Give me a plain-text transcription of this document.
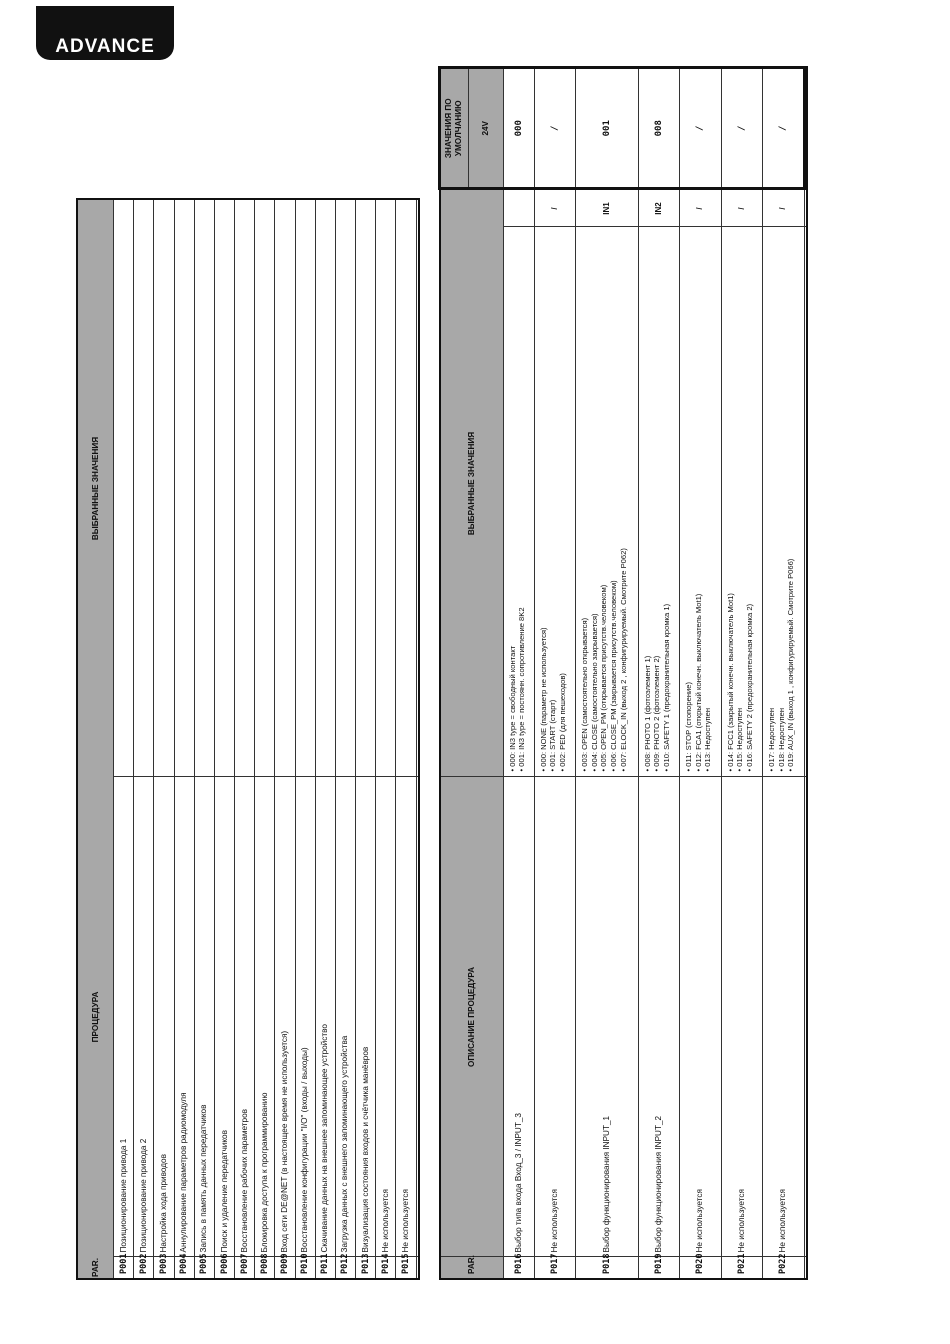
ADVANCE
PAR.	ПРОЦЕДУРА	ВЫБРАННЫЕ ЗНАЧЕНИЯ
P001	Позиционирование привода 1	
P002	Позиционирование привода 2	
P003	Настройка хода приводов	
P004	Аннулирование параметров радиомодуля	
P005	Запись в память данных передатчиков	
P006	Поиск и удаление передатчиков	
P007	Восстановление рабочих параметров	
P008	Блокировка доступа к программированию	
P009	Вход сети DE@NET (в настоящее время не используется)	
P010	Восстановление конфигурации "I/O" (входы / выходы)	
P011	Скачивание данных на внешнее запоминающее устройство	
P012	Загрузка данных с внешнего запоминающего устройства	
P013	Визуализация состояния входов и счётчика манёвров	
P014	Не используется	
P015	Не используется	

PAR.	ОПИСАНИЕ ПРОЦЕДУРА	ВЫБРАННЫЕ ЗНАЧЕНИЯ		ЗНАЧЕНИЯ ПО УМОЛЧАНИЮ
				24V
P016	Выбор типа входа Вход_3 / INPUT_3	• 000: IN3 type = свободный контакт • 001: IN3 type = постоянн. сопротивление 8K2		000
P017	Не используется	• 000: NONE (параметр не используется) • 001: START (старт) • 002: PED (для пешеходов)	/	/
P018	Выбор функционирования INPUT_1	• 003: OPEN (самостоятельно открывается) • 004: CLOSE (самостоятельно закрывается) • 005: OPEN_PM (открывается присутств.человеком) • 006: CLOSE_PM (закрывается присутств.человеком) • 007: ELOCK_IN (выход 2 , конфигурируемый. Смотрите P062)	IN1	001
P019	Выбор функционирования INPUT_2	• 008: PHOTO 1 (фотоэлемент 1) • 009: PHOTO 2 (фотоэлемент 2) • 010: SAFETY 1 (предохранительная кромка 1)	IN2	008
P020	Не используется	• 011: STOP (стопорение) • 012: FCA1 (открытый конечн. выключатель Mot1) • 013: Недоступен	/	/
P021	Не используется	• 014: FCC1 (закрытый конечн. выключатель Mot1) • 015: Недоступен • 016: SAFETY 2 (предохранительная кромка 2)	/	/
P022	Не используется	• 017: Недоступен • 018: Недоступен • 019: AUX_IN (выход 1 , конфигурируемый. Смотрите P066)	/	/
